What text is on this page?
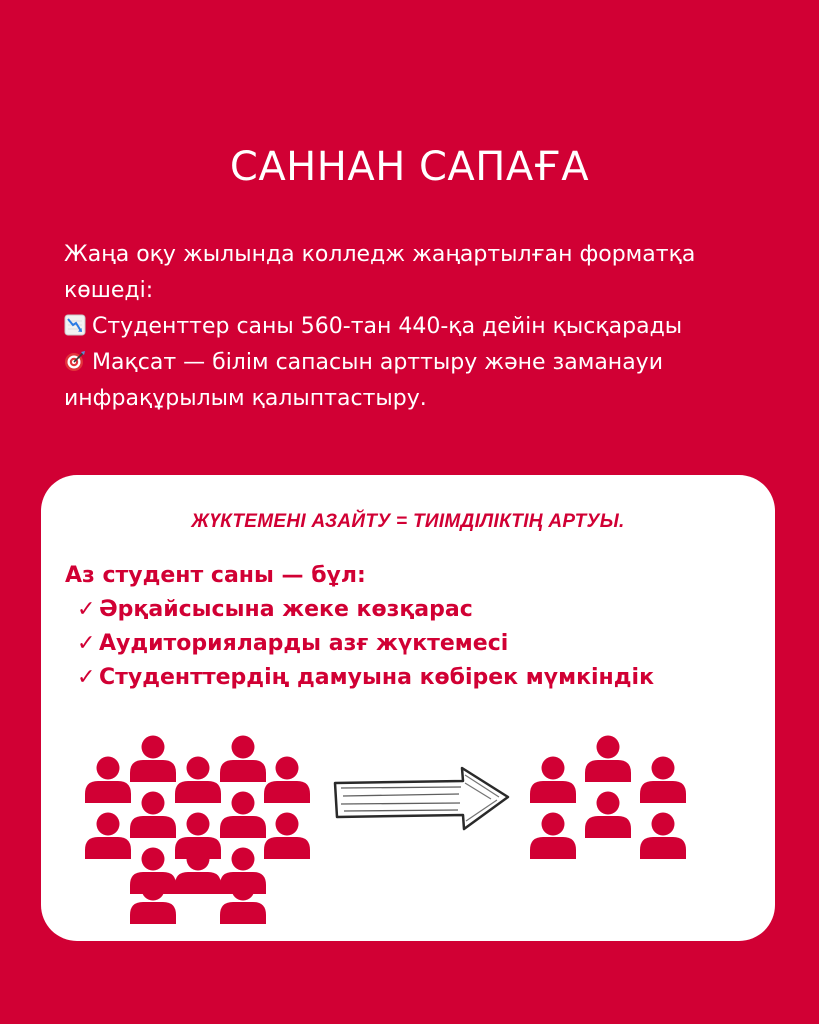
САННАН САПАҒА
Жаңа оқу жылында колледж жаңартылған форматқа
көшеді:
Студенттер саны 560-тан 440-қа дейін қысқарады
Мақсат — білім сапасын арттыру және заманауи
инфрақұрылым қалыптастыру.
ЖҮКТЕМЕНІ АЗАЙТУ = ТИІМДІЛІКТІҢ АРТУЫ.
Аз студент саны — бұл:
✓ Әрқайсысына жеке көзқарас
✓ Аудиторияларды азғ жүктемесі
✓ Студенттердің дамуына көбірек мүмкіндік
